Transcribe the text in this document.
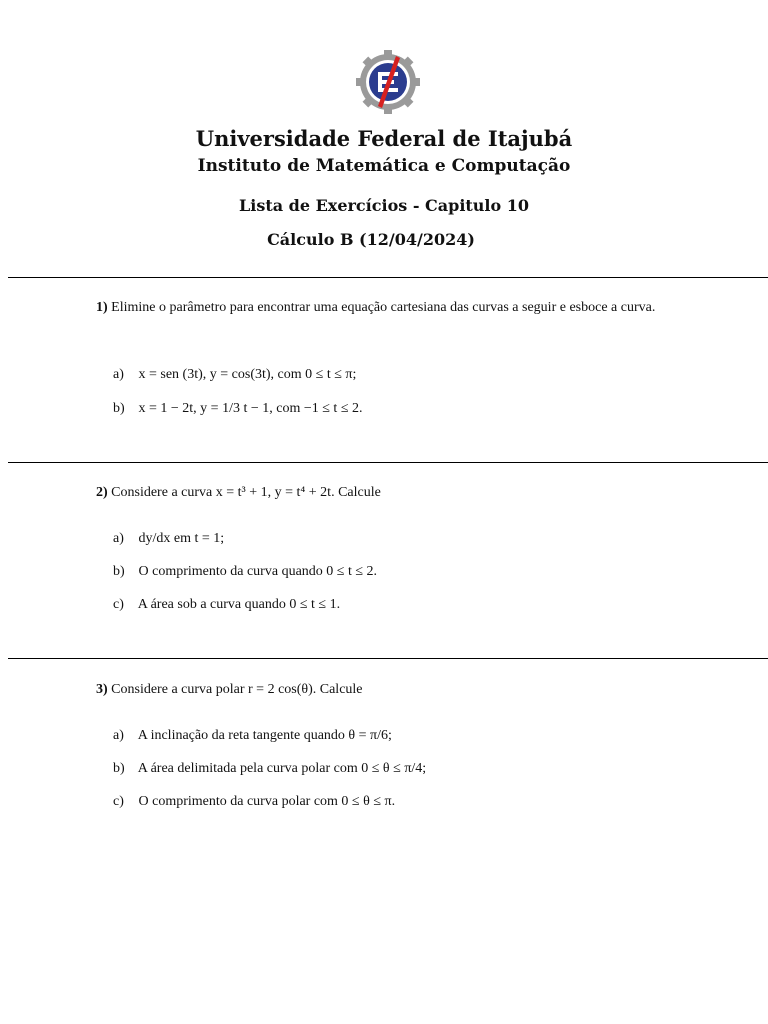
Universidade Federal de Itajubá
Instituto de Matemática e Computação
Lista de Exercícios - Capitulo 10
Cálculo B (12/04/2024)
1) Elimine o parâmetro para encontrar uma equação cartesiana das curvas a seguir e esboce a curva.
a) x = sen (3t), y = cos(3t), com 0 ≤ t ≤ π;
b) x = 1 − 2t, y = 1/3 t − 1, com −1 ≤ t ≤ 2.
2) Considere a curva x = t³ + 1, y = t⁴ + 2t. Calcule
a) dy/dx em t = 1;
b) O comprimento da curva quando 0 ≤ t ≤ 2.
c) A área sob a curva quando 0 ≤ t ≤ 1.
3) Considere a curva polar r = 2 cos(θ). Calcule
a) A inclinação da reta tangente quando θ = π/6;
b) A área delimitada pela curva polar com 0 ≤ θ ≤ π/4;
c) O comprimento da curva polar com 0 ≤ θ ≤ π.
